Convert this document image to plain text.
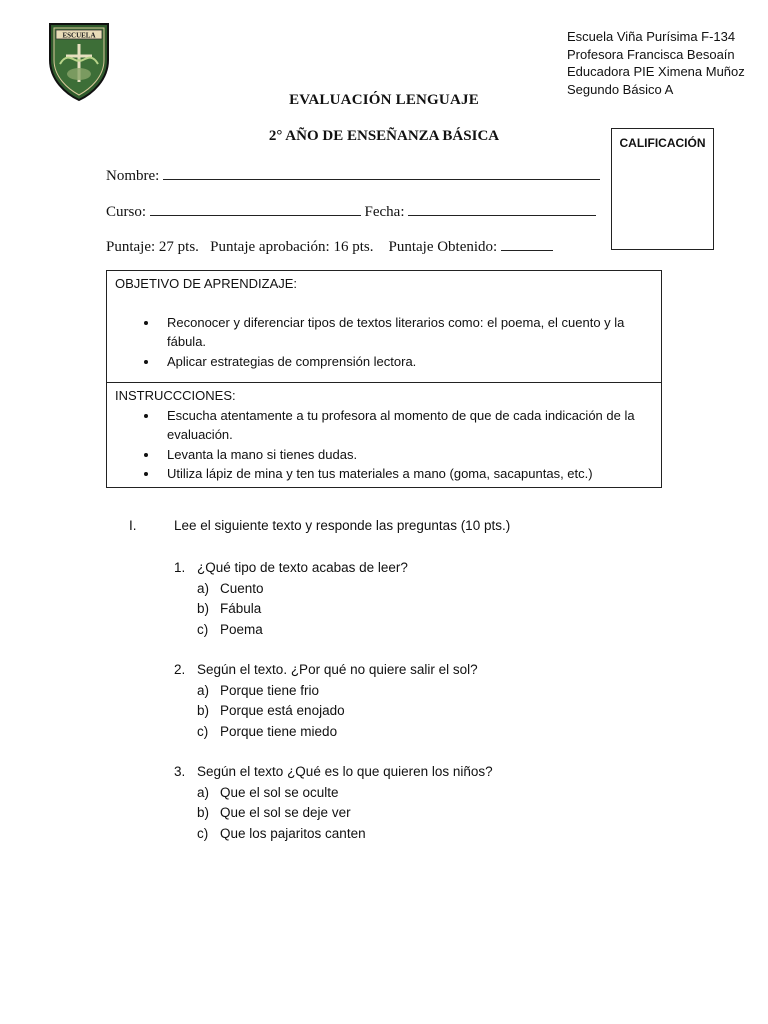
ESCUELA	Escuela Viña Purísima F-134
Profesora Francisca Besoaín
Educadora PIE Ximena Muñoz
Segundo Básico A
EVALUACIÓN LENGUAJE
2° AÑO DE ENSEÑANZA BÁSICA	CALIFICACIÓN
Nombre:
Curso:	Fecha:
Puntaje: 27 pts. Puntaje aprobación: 16 pts. Puntaje Obtenido:
OBJETIVO DE APRENDIZAJE:
• Reconocer y diferenciar tipos de textos literarios como: el poema, el cuento y la fábula.
• Aplicar estrategias de comprensión lectora.
INSTRUCCCIONES:
• Escucha atentamente a tu profesora al momento de que de cada indicación de la evaluación.
• Levanta la mano si tienes dudas.
• Utiliza lápiz de mina y ten tus materiales a mano (goma, sacapuntas, etc.)
I.	Lee el siguiente texto y responde las preguntas (10 pts.)
1. ¿Qué tipo de texto acabas de leer?
a) Cuento
b) Fábula
c) Poema
2. Según el texto. ¿Por qué no quiere salir el sol?
a) Porque tiene frio
b) Porque está enojado
c) Porque tiene miedo
3. Según el texto ¿Qué es lo que quieren los niños?
a) Que el sol se oculte
b) Que el sol se deje ver
c) Que los pajaritos canten
